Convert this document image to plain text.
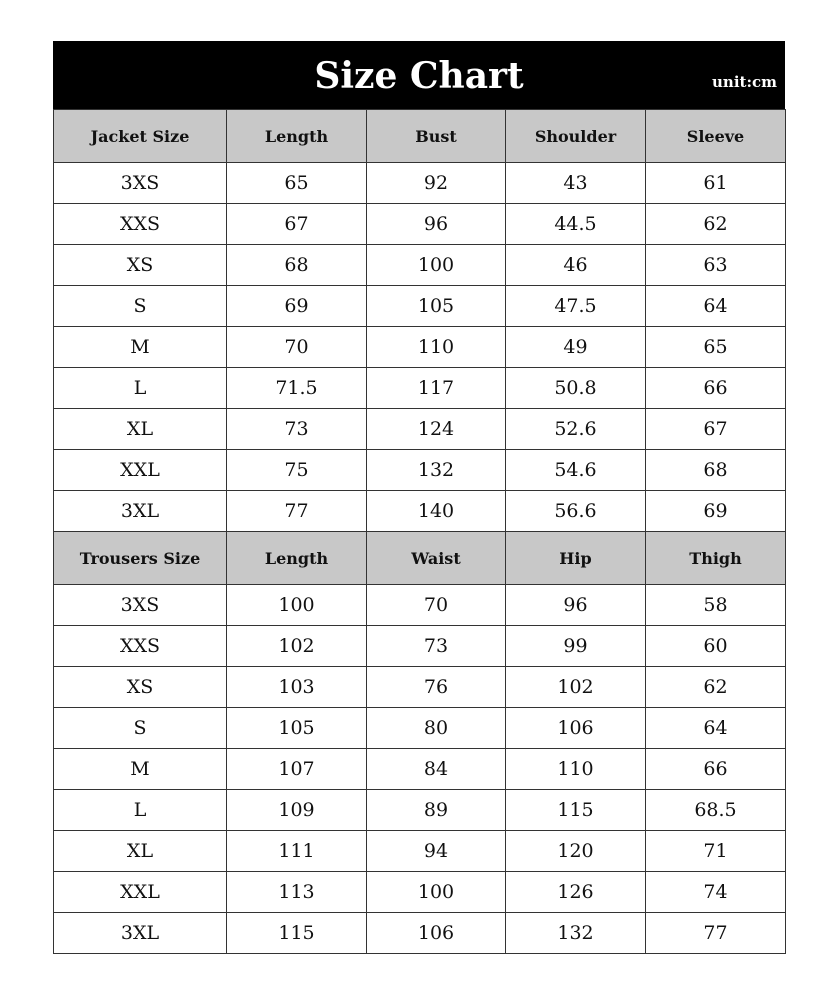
Size Chart	unit:cm
Jacket Size	Length	Bust	Shoulder	Sleeve
3XS	65	92	43	61
XXS	67	96	44.5	62
XS	68	100	46	63
S	69	105	47.5	64
M	70	110	49	65
L	71.5	117	50.8	66
XL	73	124	52.6	67
XXL	75	132	54.6	68
3XL	77	140	56.6	69
Trousers Size	Length	Waist	Hip	Thigh
3XS	100	70	96	58
XXS	102	73	99	60
XS	103	76	102	62
S	105	80	106	64
M	107	84	110	66
L	109	89	115	68.5
XL	111	94	120	71
XXL	113	100	126	74
3XL	115	106	132	77
